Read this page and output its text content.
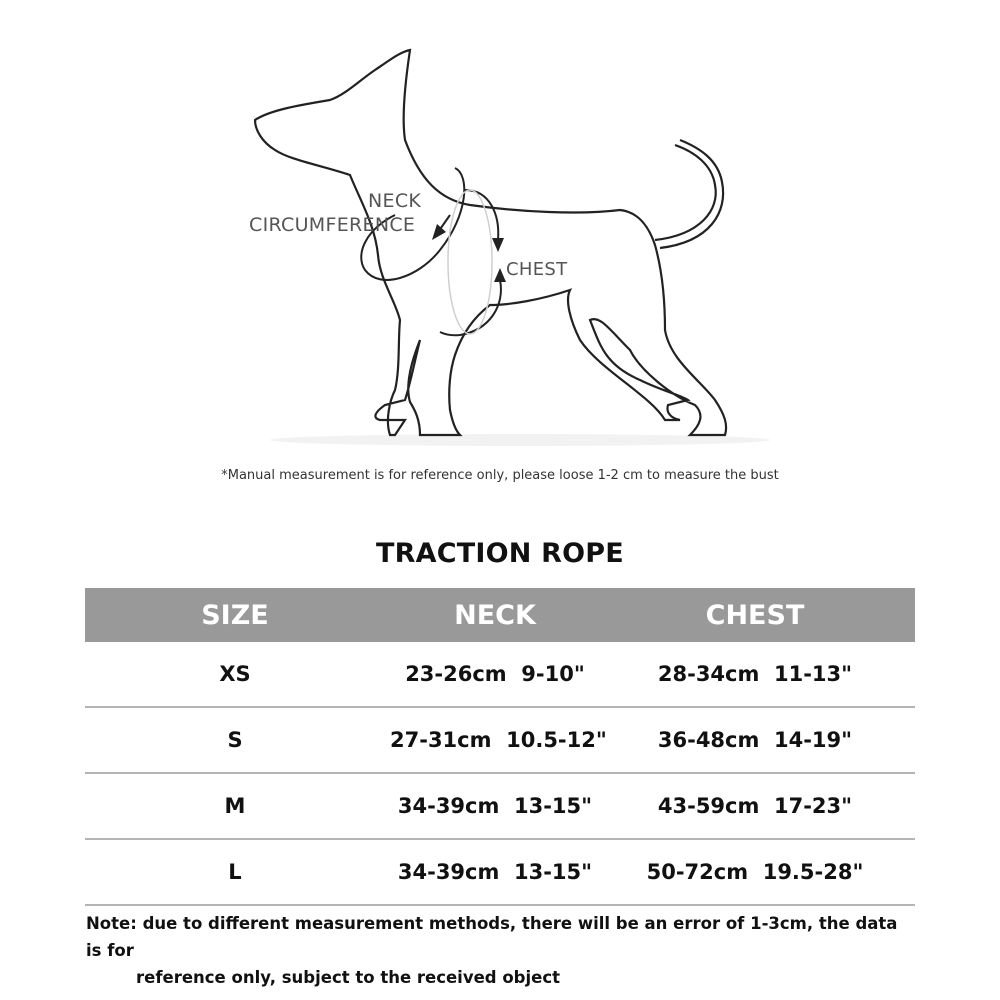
NECK
CIRCUMFERENCE
CHEST
*Manual measurement is for reference only, please loose 1-2 cm to measure the bust
TRACTION ROPE
SIZE	NECK	CHEST
XS	23-26cm  9-10"	28-34cm  11-13"
S	27-31cm  10.5-12"	36-48cm  14-19"
M	34-39cm  13-15"	43-59cm  17-23"
L	34-39cm  13-15"	50-72cm  19.5-28"
Note: due to different measurement methods, there will be an error of 1-3cm, the data is for
reference only, subject to the received object
